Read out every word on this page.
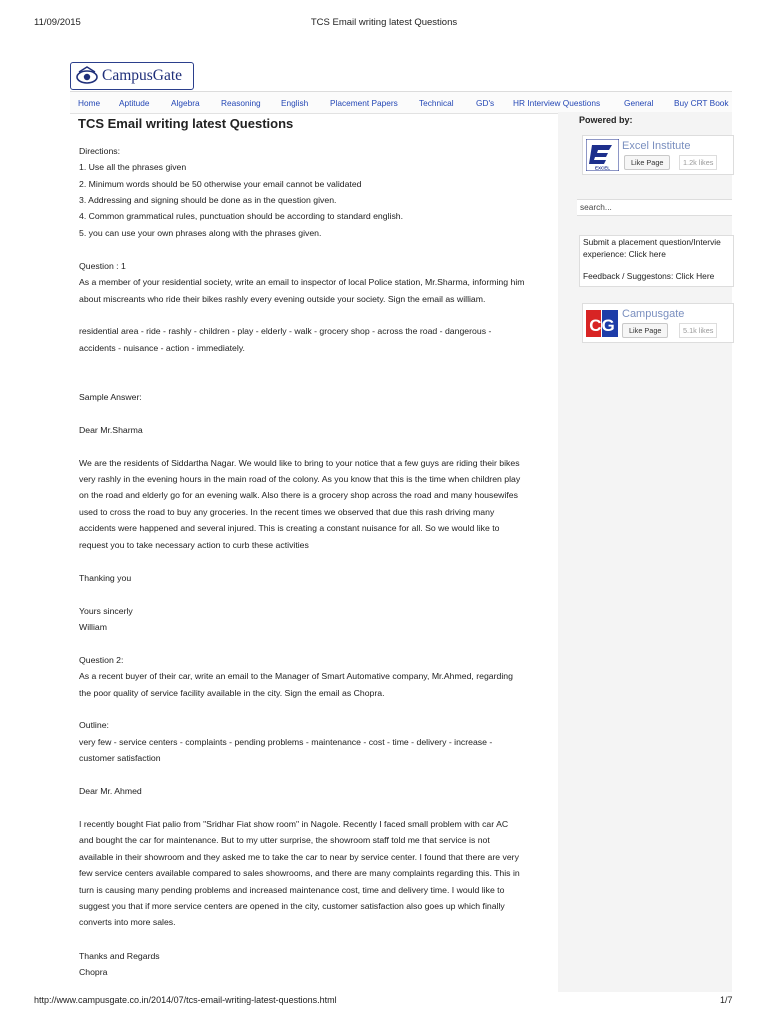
11/09/2015	TCS Email writing latest Questions
http://www.campusgate.co.in/2014/07/tcs-email-writing-latest-questions.html	1/7
CampusGate
Home Aptitude	Algebra	Reasoning English	Placement Papers	Technical	GD's HR Interview Questions	General Buy CRT Book
TCS Email writing latest Questions
Directions:
1. Use all the phrases given
2. Minimum words should be 50 otherwise your email cannot be validated
3. Addressing and signing should be done as in the question given.
4. Common grammatical rules, punctuation should be according to standard english.
5. you can use your own phrases along with the phrases given.
Question : 1
As a member of your residential society, write an email to inspector of local Police station, Mr.Sharma, informing him
about miscreants who ride their bikes rashly every evening outside your society. Sign the email as william.
residential area - ride - rashly - children - play - elderly - walk - grocery shop - across the road - dangerous -
accidents - nuisance - action - immediately.
Sample Answer:
Dear Mr.Sharma
We are the residents of Siddartha Nagar. We would like to bring to your notice that a few guys are riding their bikes
very rashly in the evening hours in the main road of the colony. As you know that this is the time when children play
on the road and elderly go for an evening walk. Also there is a grocery shop across the road and many housewifes
used to cross the road to buy any groceries. In the recent times we observed that due this rash driving many
accidents were happened and several injured. This is creating a constant nuisance for all. So we would like to
request you to take necessary action to curb these activities
Thanking you
Yours sincerly
William
Question 2:
As a recent buyer of their car, write an email to the Manager of Smart Automative company, Mr.Ahmed, regarding
the poor quality of service facility available in the city. Sign the email as Chopra.
Outline:
very few - service centers - complaints - pending problems - maintenance - cost - time - delivery - increase -
customer satisfaction
Dear Mr. Ahmed
I recently bought Fiat palio from "Sridhar Fiat show room" in Nagole. Recently I faced small problem with car AC
and bought the car for maintenance. But to my utter surprise, the showroom staff told me that service is not
available in their showroom and they asked me to take the car to near by service center. I found that there are very
few service centers available compared to sales showrooms, and there are many complaints regarding this. This in
turn is causing many pending problems and increased maintenance cost, time and delivery time. I would like to
suggest you that if more service centers are opened in the city, customer satisfaction also goes up which finally
converts into more sales.
Thanks and Regards
Chopra
Powered by:
EXCEL
Excel Institute
Like Page	1.2k likes
search...
Submit a placement question/Intervie
experience: Click here
Feedback / Suggestons: Click Here
CG
Campusgate
Like Page	5.1k likes
